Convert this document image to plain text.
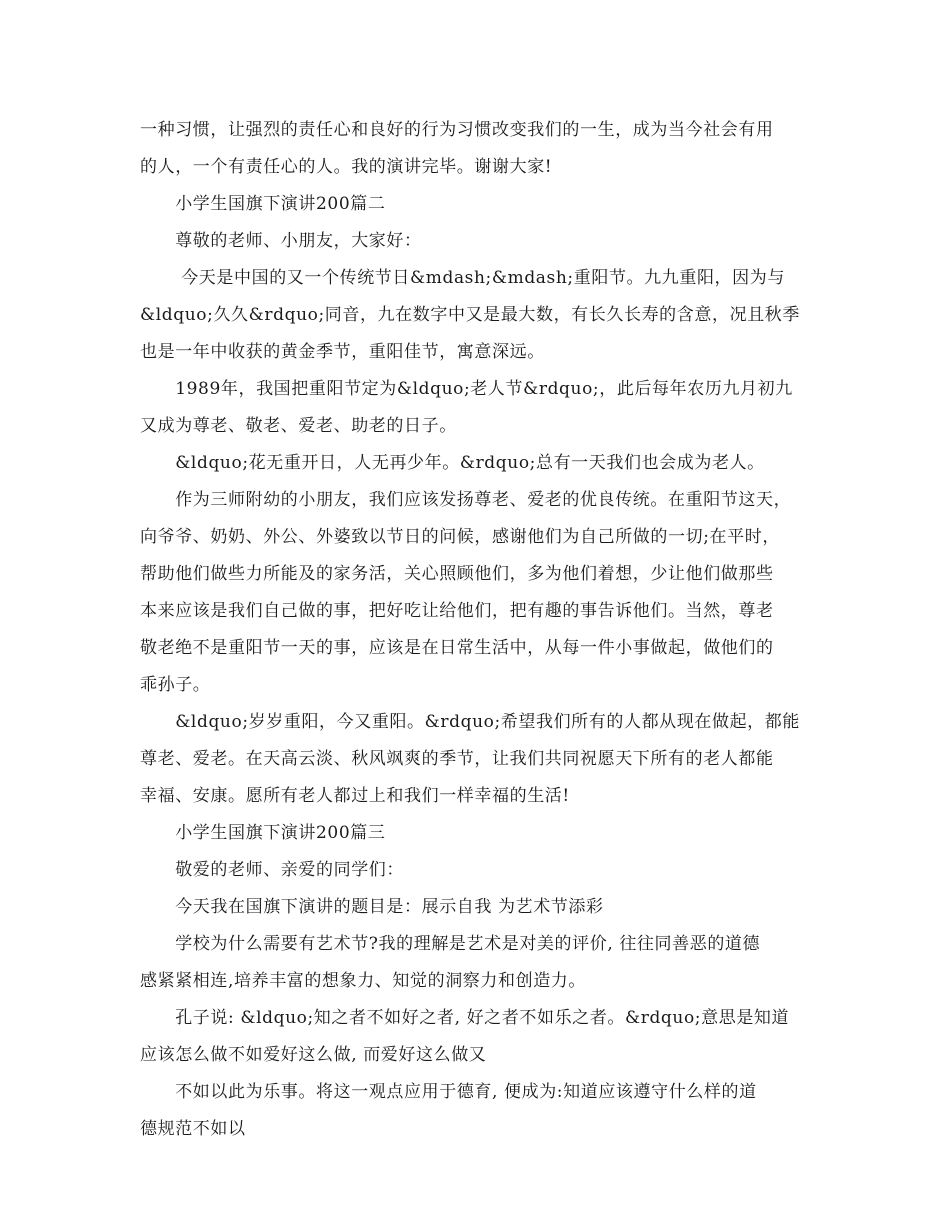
一种习惯，让强烈的责任心和良好的行为习惯改变我们的一生，成为当今社会有用
的人，一个有责任心的人。我的演讲完毕。谢谢大家!
　　小学生国旗下演讲200篇二
　　尊敬的老师、小朋友，大家好：
　　 今天是中国的又一个传统节日&mdash;&mdash;重阳节。九九重阳，因为与
&ldquo;久久&rdquo;同音，九在数字中又是最大数，有长久长寿的含意，况且秋季
也是一年中收获的黄金季节，重阳佳节，寓意深远。
　　1989年，我国把重阳节定为&ldquo;老人节&rdquo;，此后每年农历九月初九
又成为尊老、敬老、爱老、助老的日子。
　　&ldquo;花无重开日，人无再少年。&rdquo;总有一天我们也会成为老人。
　　作为三师附幼的小朋友，我们应该发扬尊老、爱老的优良传统。在重阳节这天，
向爷爷、奶奶、外公、外婆致以节日的问候，感谢他们为自己所做的一切;在平时，
帮助他们做些力所能及的家务活，关心照顾他们，多为他们着想，少让他们做那些
本来应该是我们自己做的事，把好吃让给他们，把有趣的事告诉他们。当然，尊老
敬老绝不是重阳节一天的事，应该是在日常生活中，从每一件小事做起，做他们的
乖孙子。
　　&ldquo;岁岁重阳，今又重阳。&rdquo;希望我们所有的人都从现在做起，都能
尊老、爱老。在天高云淡、秋风飒爽的季节，让我们共同祝愿天下所有的老人都能
幸福、安康。愿所有老人都过上和我们一样幸福的生活!
　　小学生国旗下演讲200篇三
　　敬爱的老师、亲爱的同学们：
　　今天我在国旗下演讲的题目是：展示自我 为艺术节添彩
　　学校为什么需要有艺术节?我的理解是艺术是对美的评价, 往往同善恶的道德
感紧紧相连,培养丰富的想象力、知觉的洞察力和创造力。
　　孔子说: &ldquo;知之者不如好之者, 好之者不如乐之者。&rdquo;意思是知道
应该怎么做不如爱好这么做, 而爱好这么做又
　　不如以此为乐事。将这一观点应用于德育, 便成为:知道应该遵守什么样的道
德规范不如以
